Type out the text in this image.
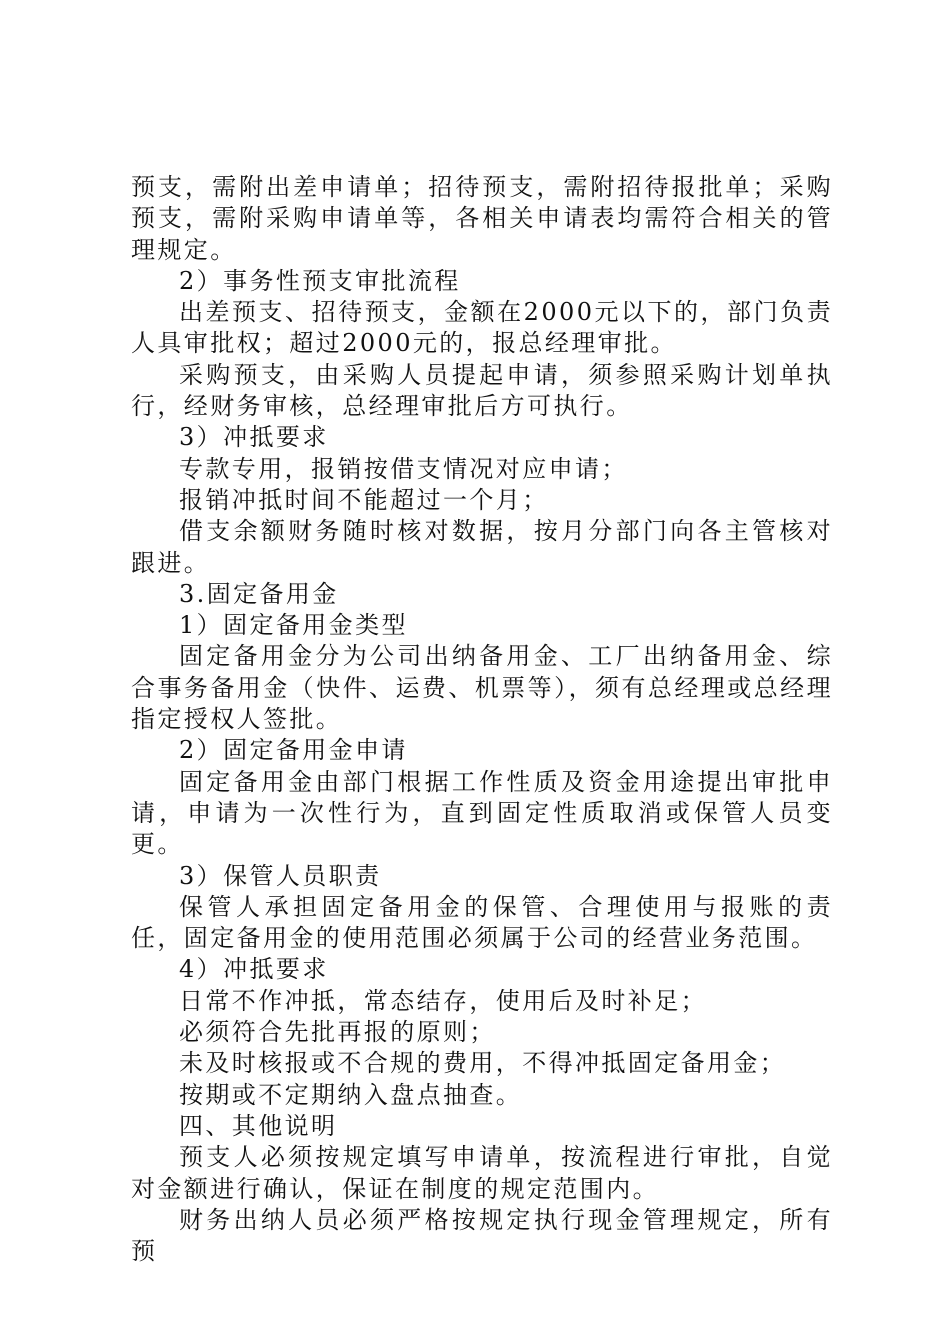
预支，需附出差申请单；招待预支，需附招待报批单；采购预支，需附采购申请单等，各相关申请表均需符合相关的管理规定。

2）事务性预支审批流程

出差预支、招待预支，金额在2000元以下的，部门负责人具审批权；超过2000元的，报总经理审批。

采购预支，由采购人员提起申请，须参照采购计划单执行，经财务审核，总经理审批后方可执行。

3）冲抵要求

专款专用，报销按借支情况对应申请；

报销冲抵时间不能超过一个月；

借支余额财务随时核对数据，按月分部门向各主管核对跟进。

3.固定备用金

1）固定备用金类型

固定备用金分为公司出纳备用金、工厂出纳备用金、综合事务备用金（快件、运费、机票等），须有总经理或总经理指定授权人签批。

2）固定备用金申请

固定备用金由部门根据工作性质及资金用途提出审批申请，申请为一次性行为，直到固定性质取消或保管人员变更。

3）保管人员职责

保管人承担固定备用金的保管、合理使用与报账的责任，固定备用金的使用范围必须属于公司的经营业务范围。

4）冲抵要求

日常不作冲抵，常态结存，使用后及时补足；

必须符合先批再报的原则；

未及时核报或不合规的费用，不得冲抵固定备用金；

按期或不定期纳入盘点抽查。

四、其他说明

预支人必须按规定填写申请单，按流程进行审批，自觉对金额进行确认，保证在制度的规定范围内。

财务出纳人员必须严格按规定执行现金管理规定，所有预
